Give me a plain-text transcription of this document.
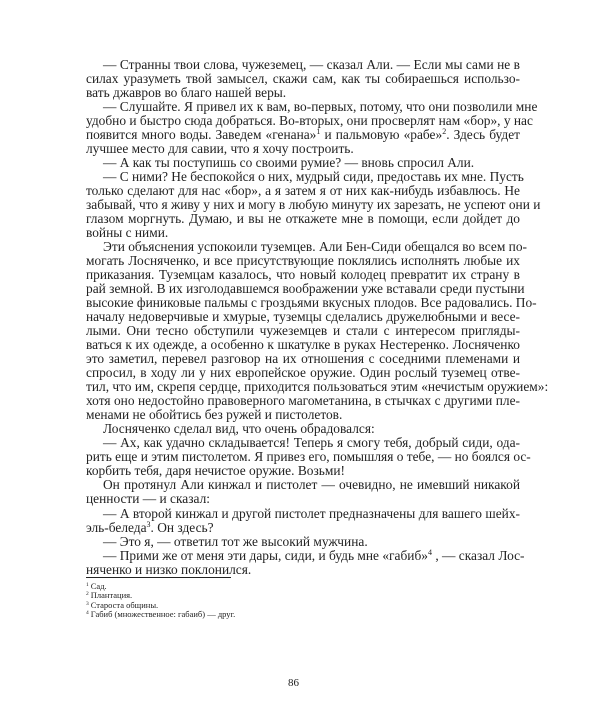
— Странны твои слова, чужеземец, — сказал Али. — Если мы сами не в
силах уразуметь твой замысел, скажи сам, как ты собираешься использо-
вать джавров во благо нашей веры.
— Слушайте. Я привел их к вам, во-первых, потому, что они позволили мне
удобно и быстро сюда добраться. Во-вторых, они просверлят нам «бор», у нас
появится много воды. Заведем «генана»$^1$ и пальмовую «рабе»$^2$. Здесь будет
лучшее место для савии, что я хочу построить.
— А как ты поступишь со своими румие? — вновь спросил Али.
— С ними? Не беспокойся о них, мудрый сиди, предоставь их мне. Пусть
только сделают для нас «бор», а я затем я от них как-нибудь избавлюсь. Не
забывай, что я живу у них и могу в любую минуту их зарезать, не успеют они и
глазом моргнуть. Думаю, и вы не откажете мне в помощи, если дойдет до
войны с ними.
Эти объяснения успокоили туземцев. Али Бен-Сиди обещался во всем по-
могать Лосняченко, и все присутствующие поклялись исполнять любые их
приказания. Туземцам казалось, что новый колодец превратит их страну в
рай земной. В их изголодавшемся воображении уже вставали среди пустыни
высокие финиковые пальмы с гроздьями вкусных плодов. Все радовались. По-
началу недоверчивые и хмурые, туземцы сделались дружелюбными и весе-
лыми. Они тесно обступили чужеземцев и стали с интересом пригляды-
ваться к их одежде, а особенно к шкатулке в руках Нестеренко. Лосняченко
это заметил, перевел разговор на их отношения с соседними племенами и
спросил, в ходу ли у них европейское оружие. Один рослый туземец отве-
тил, что им, скрепя сердце, приходится пользоваться этим «нечистым оружием»:
хотя оно недостойно правоверного магометанина, в стычках с другими пле-
менами не обойтись без ружей и пистолетов.
Лосняченко сделал вид, что очень обрадовался:
— Ах, как удачно складывается! Теперь я смогу тебя, добрый сиди, ода-
рить еще и этим пистолетом. Я привез его, помышляя о тебе, — но боялся ос-
корбить тебя, даря нечистое оружие. Возьми!
Он протянул Али кинжал и пистолет — очевидно, не имевший никакой
ценности — и сказал:
— А второй кинжал и другой пистолет предназначены для вашего шейх-
эль-беледа$^3$. Он здесь?
— Это я, — ответил тот же высокий мужчина.
— Прими же от меня эти дары, сиди, и будь мне «габиб»$^4$ , — сказал Лос-
няченко и низко поклонился.
$^1$ Сад.
$^2$ Плантация.
$^3$ Староста общины.
$^4$ Габиб (множественное: габаиб) — друг.
86
